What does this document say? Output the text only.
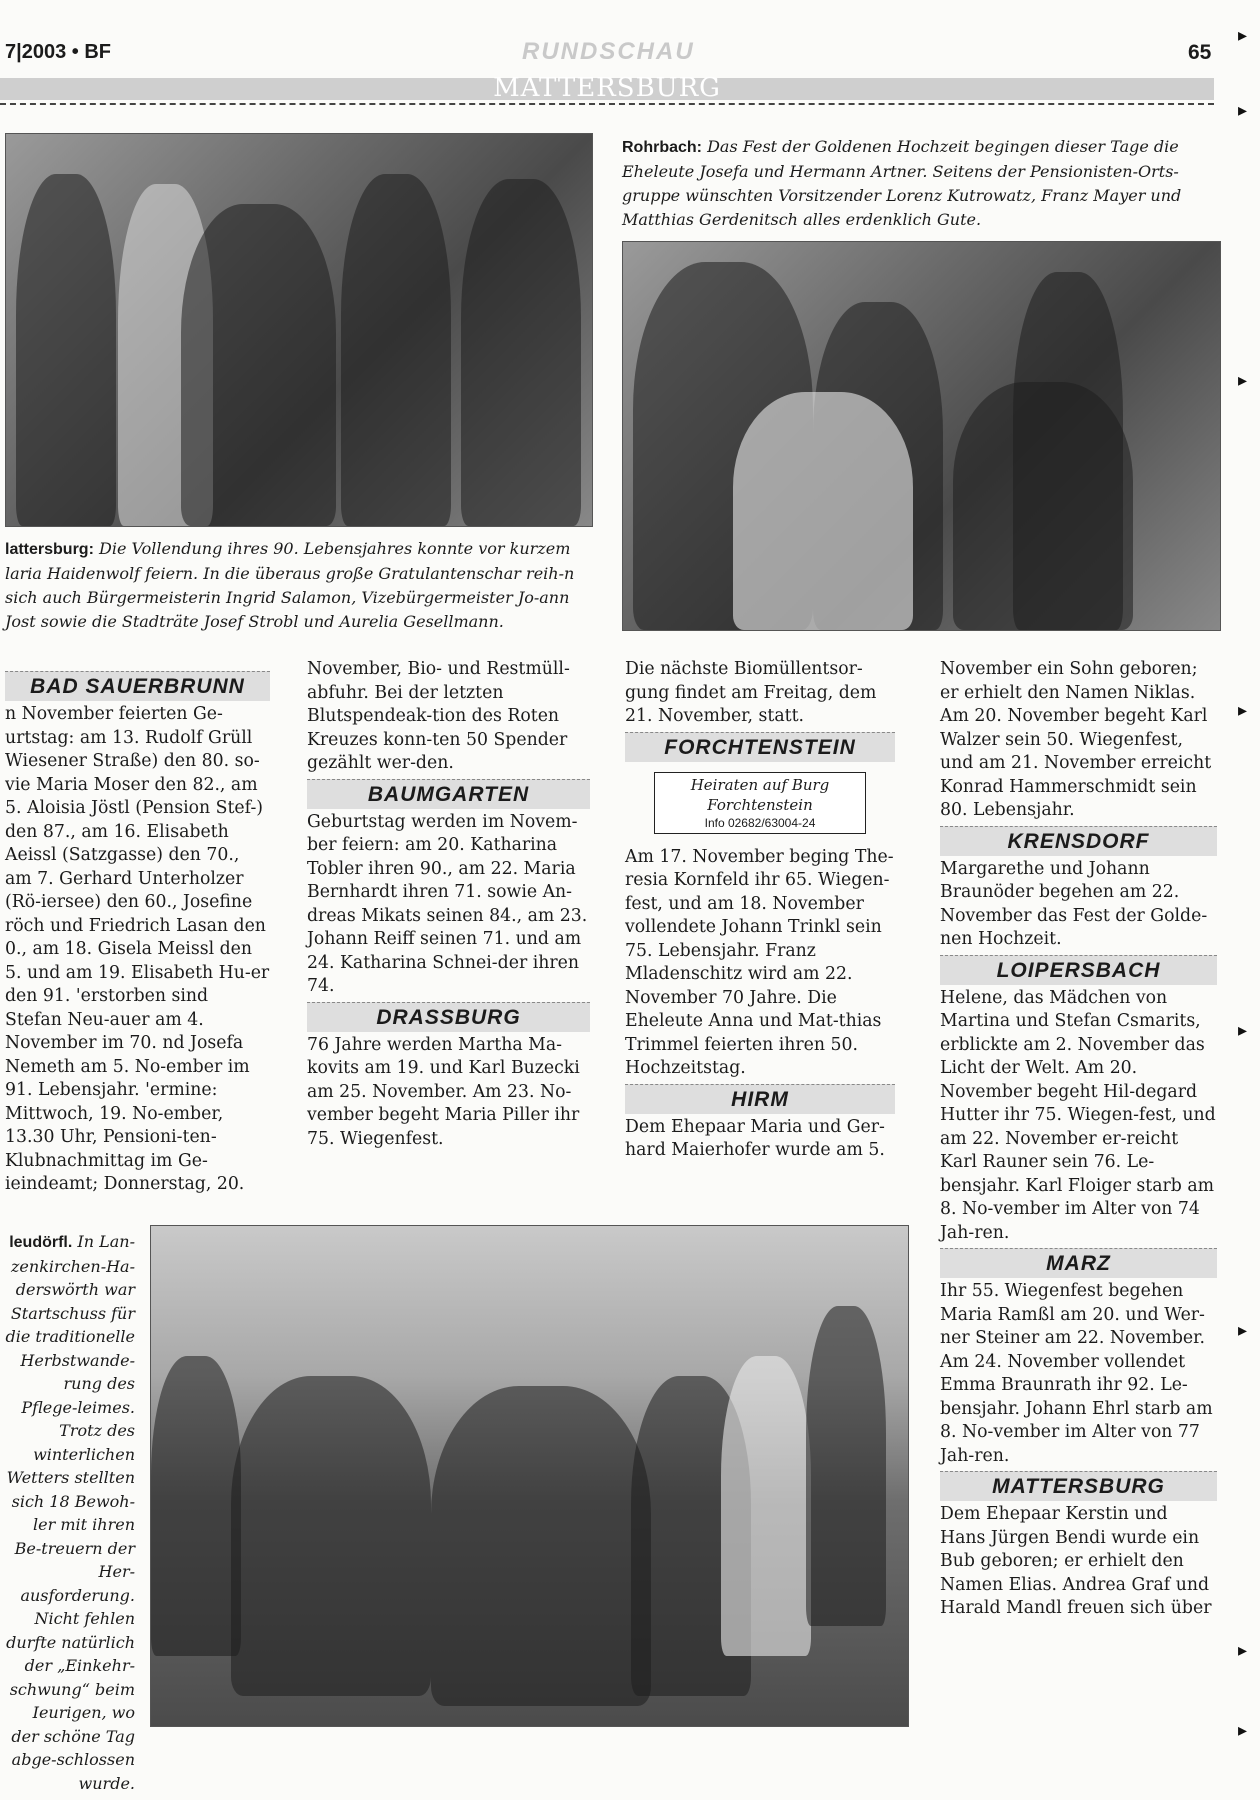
7|2003 • BF	RUNDSCHAU	65
MATTERSBURG
lattersburg: Die Vollendung ihres 90. Lebensjahres konnte vor kurzem laria Haidenwolf feiern. In die überaus große Gratulantenschar reih-n sich auch Bürgermeisterin Ingrid Salamon, Vizebürgermeister Jo-ann Jost sowie die Stadträte Josef Strobl und Aurelia Gesellmann.
Rohrbach: Das Fest der Goldenen Hochzeit begingen dieser Tage die Eheleute Josefa und Hermann Artner. Seitens der Pensionisten-Orts-gruppe wünschten Vorsitzender Lorenz Kutrowatz, Franz Mayer und Matthias Gerdenitsch alles erdenklich Gute.
BAD SAUERBRUNN

n November feierten Ge-urtstag: am 13. Rudolf Grüll Wiesener Straße) den 80. so-vie Maria Moser den 82., am 5. Aloisia Jöstl (Pension Stef-) den 87., am 16. Elisabeth Aeissl (Satzgasse) den 70., am 7. Gerhard Unterholzer (Rö-iersee) den 60., Josefine röch und Friedrich Lasan den 0., am 18. Gisela Meissl den 5. und am 19. Elisabeth Hu-er den 91. 'erstorben sind Stefan Neu-auer am 4. November im 70. nd Josefa Nemeth am 5. No-ember im 91. Lebensjahr. 'ermine: Mittwoch, 19. No-ember, 13.30 Uhr, Pensioni-ten-Klubnachmittag im Ge-ieindeamt; Donnerstag, 20.

November, Bio- und Restmüll-abfuhr. Bei der letzten Blutspendeak-tion des Roten Kreuzes konn-ten 50 Spender gezählt wer-den.

BAUMGARTEN

Geburtstag werden im Novem-ber feiern: am 20. Katharina Tobler ihren 90., am 22. Maria Bernhardt ihren 71. sowie An-dreas Mikats seinen 84., am 23. Johann Reiff seinen 71. und am 24. Katharina Schnei-der ihren 74.

DRASSBURG

76 Jahre werden Martha Ma-kovits am 19. und Karl Buzecki am 25. November. Am 23. No-vember begeht Maria Piller ihr 75. Wiegenfest.

Die nächste Biomüllentsor-gung findet am Freitag, dem 21. November, statt.

FORCHTENSTEIN
Heiraten auf Burg
Forchtenstein
Info 02682/63004-24

Am 17. November beging The-resia Kornfeld ihr 65. Wiegen-fest, und am 18. November vollendete Johann Trinkl sein 75. Lebensjahr. Franz Mladenschitz wird am 22. November 70 Jahre. Die Eheleute Anna und Mat-thias Trimmel feierten ihren 50. Hochzeitstag.

HIRM

Dem Ehepaar Maria und Ger-hard Maierhofer wurde am 5.

November ein Sohn geboren; er erhielt den Namen Niklas. Am 20. November begeht Karl Walzer sein 50. Wiegenfest, und am 21. November erreicht Konrad Hammerschmidt sein 80. Lebensjahr.

KRENSDORF

Margarethe und Johann Braunöder begehen am 22. November das Fest der Golde-nen Hochzeit.

LOIPERSBACH

Helene, das Mädchen von Martina und Stefan Csmarits, erblickte am 2. November das Licht der Welt. Am 20. November begeht Hil-degard Hutter ihr 75. Wiegen-fest, und am 22. November er-reicht Karl Rauner sein 76. Le-bensjahr. Karl Floiger starb am 8. No-vember im Alter von 74 Jah-ren.

MARZ

Ihr 55. Wiegenfest begehen Maria Ramßl am 20. und Wer-ner Steiner am 22. November. Am 24. November vollendet Emma Braunrath ihr 92. Le-bensjahr. Johann Ehrl starb am 8. No-vember im Alter von 77 Jah-ren.

MATTERSBURG

Dem Ehepaar Kerstin und Hans Jürgen Bendi wurde ein Bub geboren; er erhielt den Namen Elias. Andrea Graf und Harald Mandl freuen sich über

leudörfl. In Lan-zenkirchen-Ha-derswörth war Startschuss für die traditionelle Herbstwande-rung des Pflege-leimes. Trotz des winterlichen Wetters stellten sich 18 Bewoh-ler mit ihren Be-treuern der Her-ausforderung. Nicht fehlen durfte natürlich der „Einkehr-schwung“ beim Ieurigen, wo der schöne Tag abge-schlossen wurde.
▸
▸
▸
▸
▸
▸
▸
▸
